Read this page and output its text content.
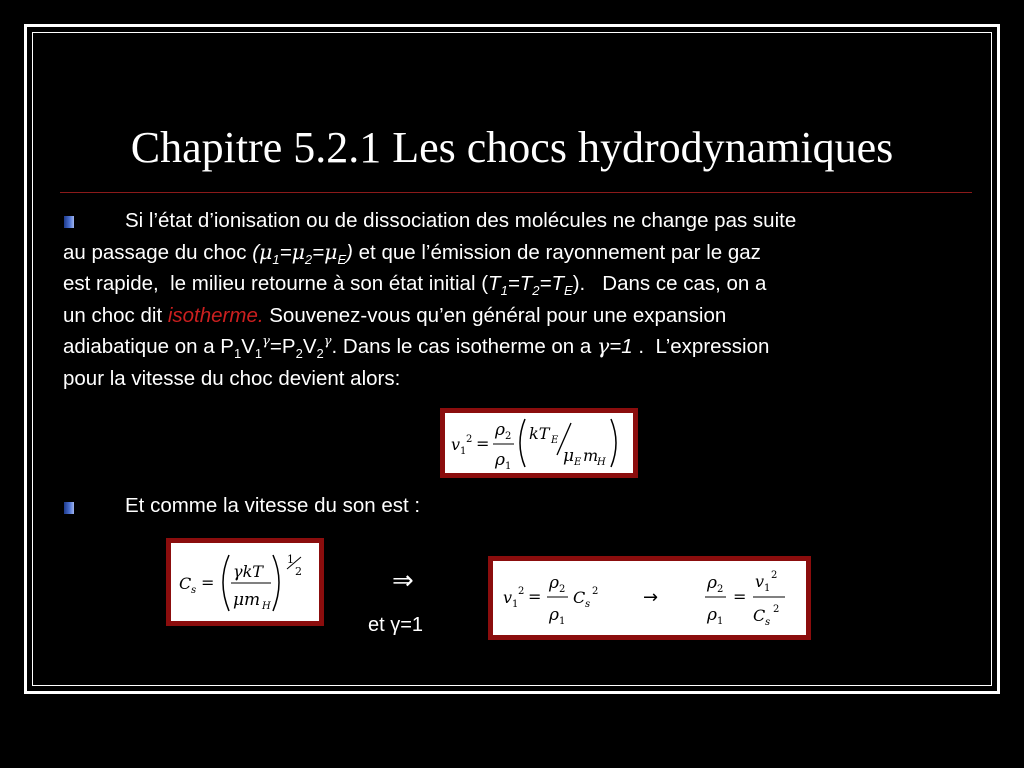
Chapitre 5.2.1 Les chocs hydrodynamiques
Si l’état d’ionisation ou de dissociation des molécules ne change pas suite
au passage du choc $(\mu_1=\mu_2=\mu_E)$ et que l’émission de rayonnement par le gaz
est rapide,  le milieu retourne à son état initial $(T_1=T_2=T_E)$.   Dans ce cas, on a
un choc dit isotherme. Souvenez-vous qu’en général pour une expansion
adiabatique on a $P_1V_1^\gamma=P_2V_2^\gamma$. Dans le cas isotherme on a γ=1 .  L’expression
pour la vitesse du choc devient alors:
v 1
2 =
ρ 2
ρ 1
kT E
μ E m
H
Et comme la vitesse du son est :
C s =
γkT
μm H
1
2	⇒
et γ=1
v 1
2 =
ρ 2
ρ 1
C s
2 →
ρ 2
ρ 1
=
v 1
2
C s
2
